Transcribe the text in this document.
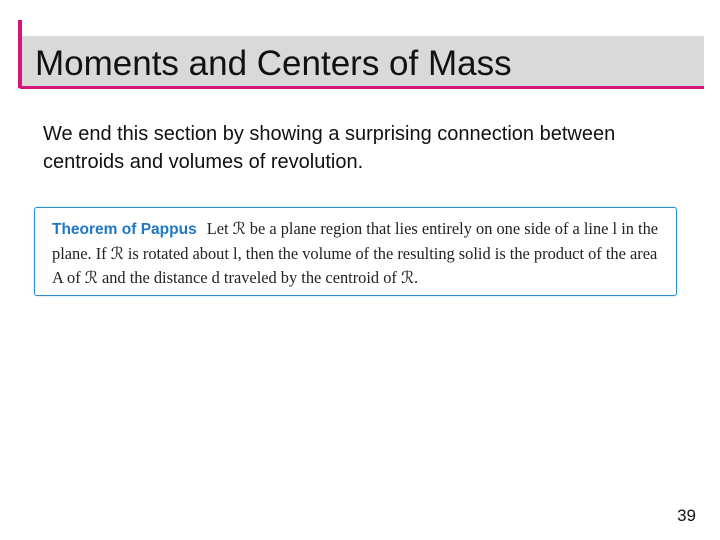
Moments and Centers of Mass

We end this section by showing a surprising connection between centroids and volumes of revolution.

Theorem of Pappus Let ℛ be a plane region that lies entirely on one side of a line l in the plane. If ℛ is rotated about l, then the volume of the resulting solid is the product of the area A of ℛ and the distance d traveled by the centroid of ℛ.

39
